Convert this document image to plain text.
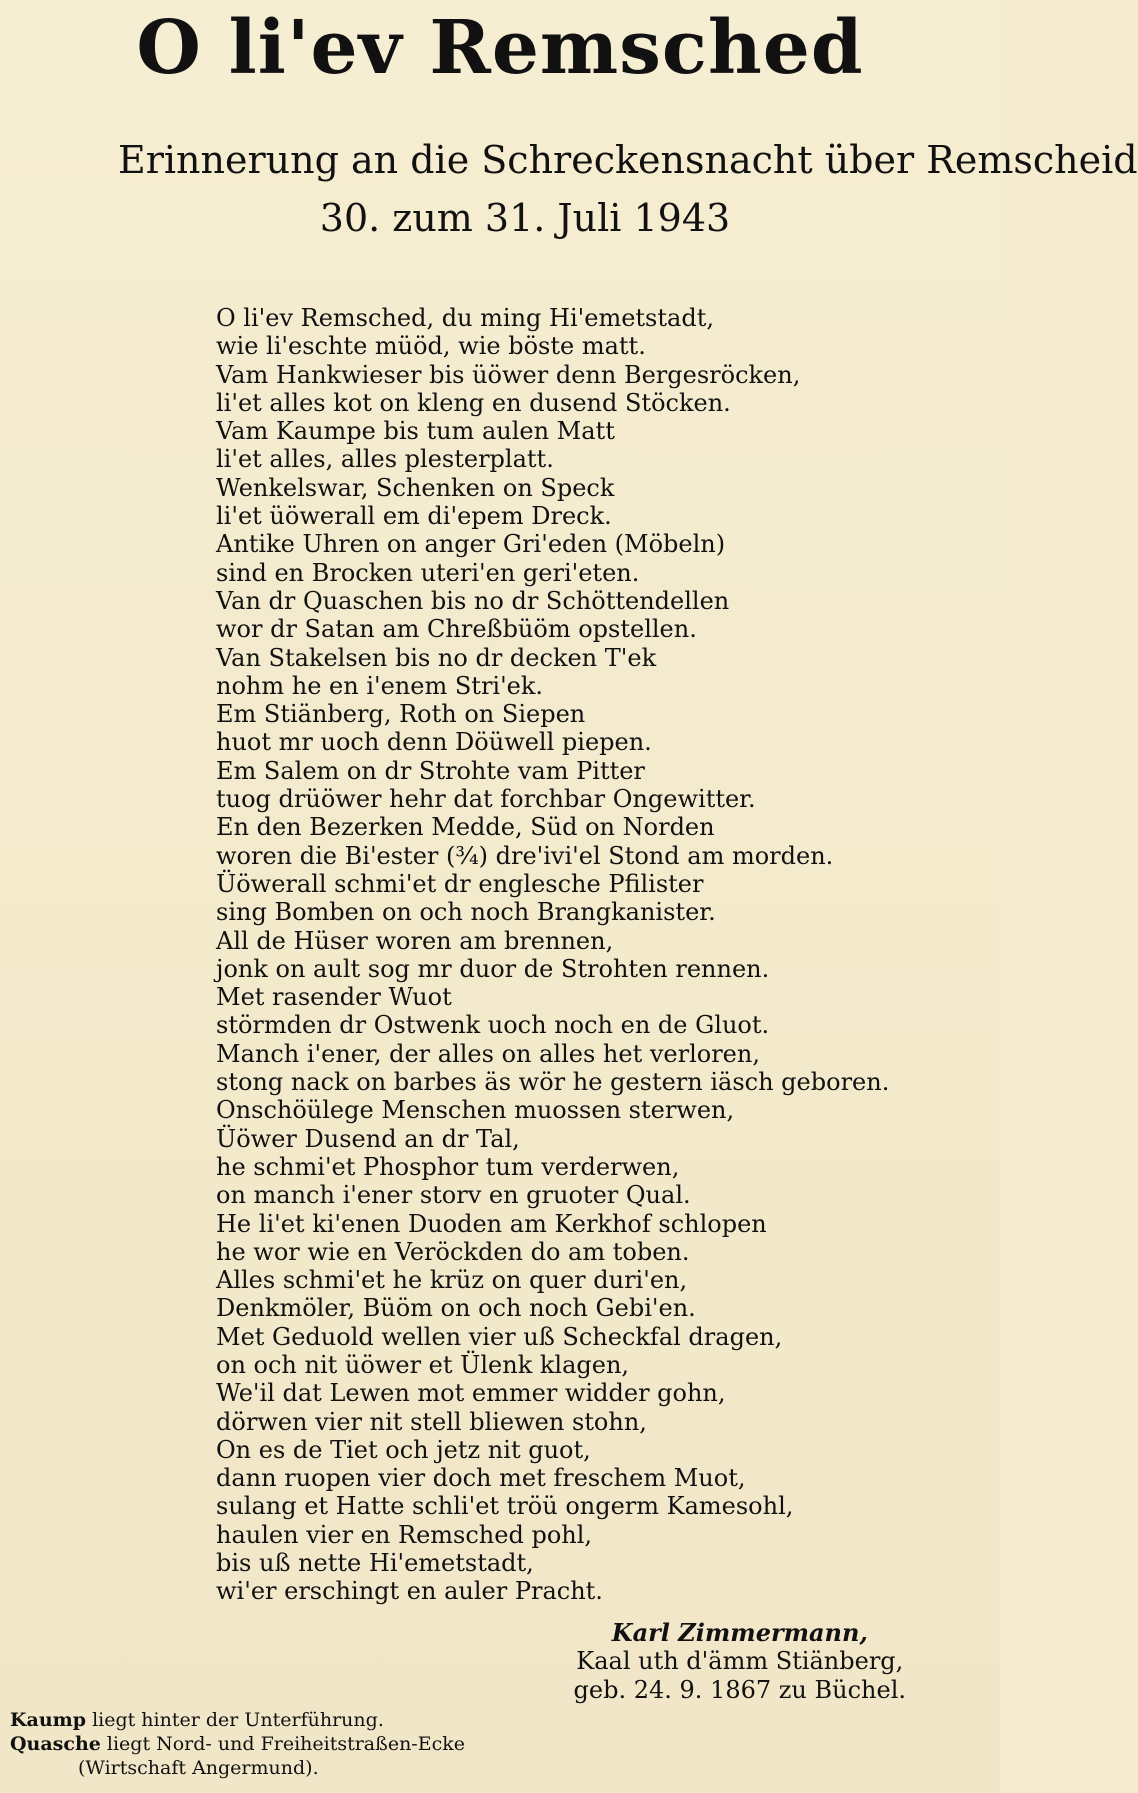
O li'ev Remsched
Erinnerung an die Schreckensnacht über Remscheid
30. zum 31. Juli 1943
O li'ev Remsched, du ming Hi'emetstadt,
wie li'eschte müöd, wie böste matt.
Vam Hankwieser bis üöwer denn Bergesröcken,
li'et alles kot on kleng en dusend Stöcken.
Vam Kaumpe bis tum aulen Matt
li'et alles, alles plesterplatt.
Wenkelswar, Schenken on Speck
li'et üöwerall em di'epem Dreck.
Antike Uhren on anger Gri'eden (Möbeln)
sind en Brocken uteri'en geri'eten.
Van dr Quaschen bis no dr Schöttendellen
wor dr Satan am Chreßbüöm opstellen.
Van Stakelsen bis no dr decken T'ek
nohm he en i'enem Stri'ek.
Em Stiänberg, Roth on Siepen
huot mr uoch denn Döüwell piepen.
Em Salem on dr Strohte vam Pitter
tuog drüöwer hehr dat forchbar Ongewitter.
En den Bezerken Medde, Süd on Norden
woren die Bi'ester (¾) dre'ivi'el Stond am morden.
Üöwerall schmi'et dr englesche Pfilister
sing Bomben on och noch Brangkanister.
All de Hüser woren am brennen,
jonk on ault sog mr duor de Strohten rennen.
Met rasender Wuot
störmden dr Ostwenk uoch noch en de Gluot.
Manch i'ener, der alles on alles het verloren,
stong nack on barbes äs wör he gestern iäsch geboren.
Onschöülege Menschen muossen sterwen,
Üöwer Dusend an dr Tal,
he schmi'et Phosphor tum verderwen,
on manch i'ener storv en gruoter Qual.
He li'et ki'enen Duoden am Kerkhof schlopen
he wor wie en Veröckden do am toben.
Alles schmi'et he krüz on quer duri'en,
Denkmöler, Büöm on och noch Gebi'en.
Met Geduold wellen vier uß Scheckfal dragen,
on och nit üöwer et Ülenk klagen,
We'il dat Lewen mot emmer widder gohn,
dörwen vier nit stell bliewen stohn,
On es de Tiet och jetz nit guot,
dann ruopen vier doch met freschem Muot,
sulang et Hatte schli'et tröü ongerm Kamesohl,
haulen vier en Remsched pohl,
bis uß nette Hi'emetstadt,
wi'er erschingt en auler Pracht.
Karl Zimmermann,
Kaal uth d'ämm Stiänberg,
geb. 24. 9. 1867 zu Büchel.
Kaump liegt hinter der Unterführung.
Quasche liegt Nord- und Freiheitstraßen-Ecke
(Wirtschaft Angermund).
